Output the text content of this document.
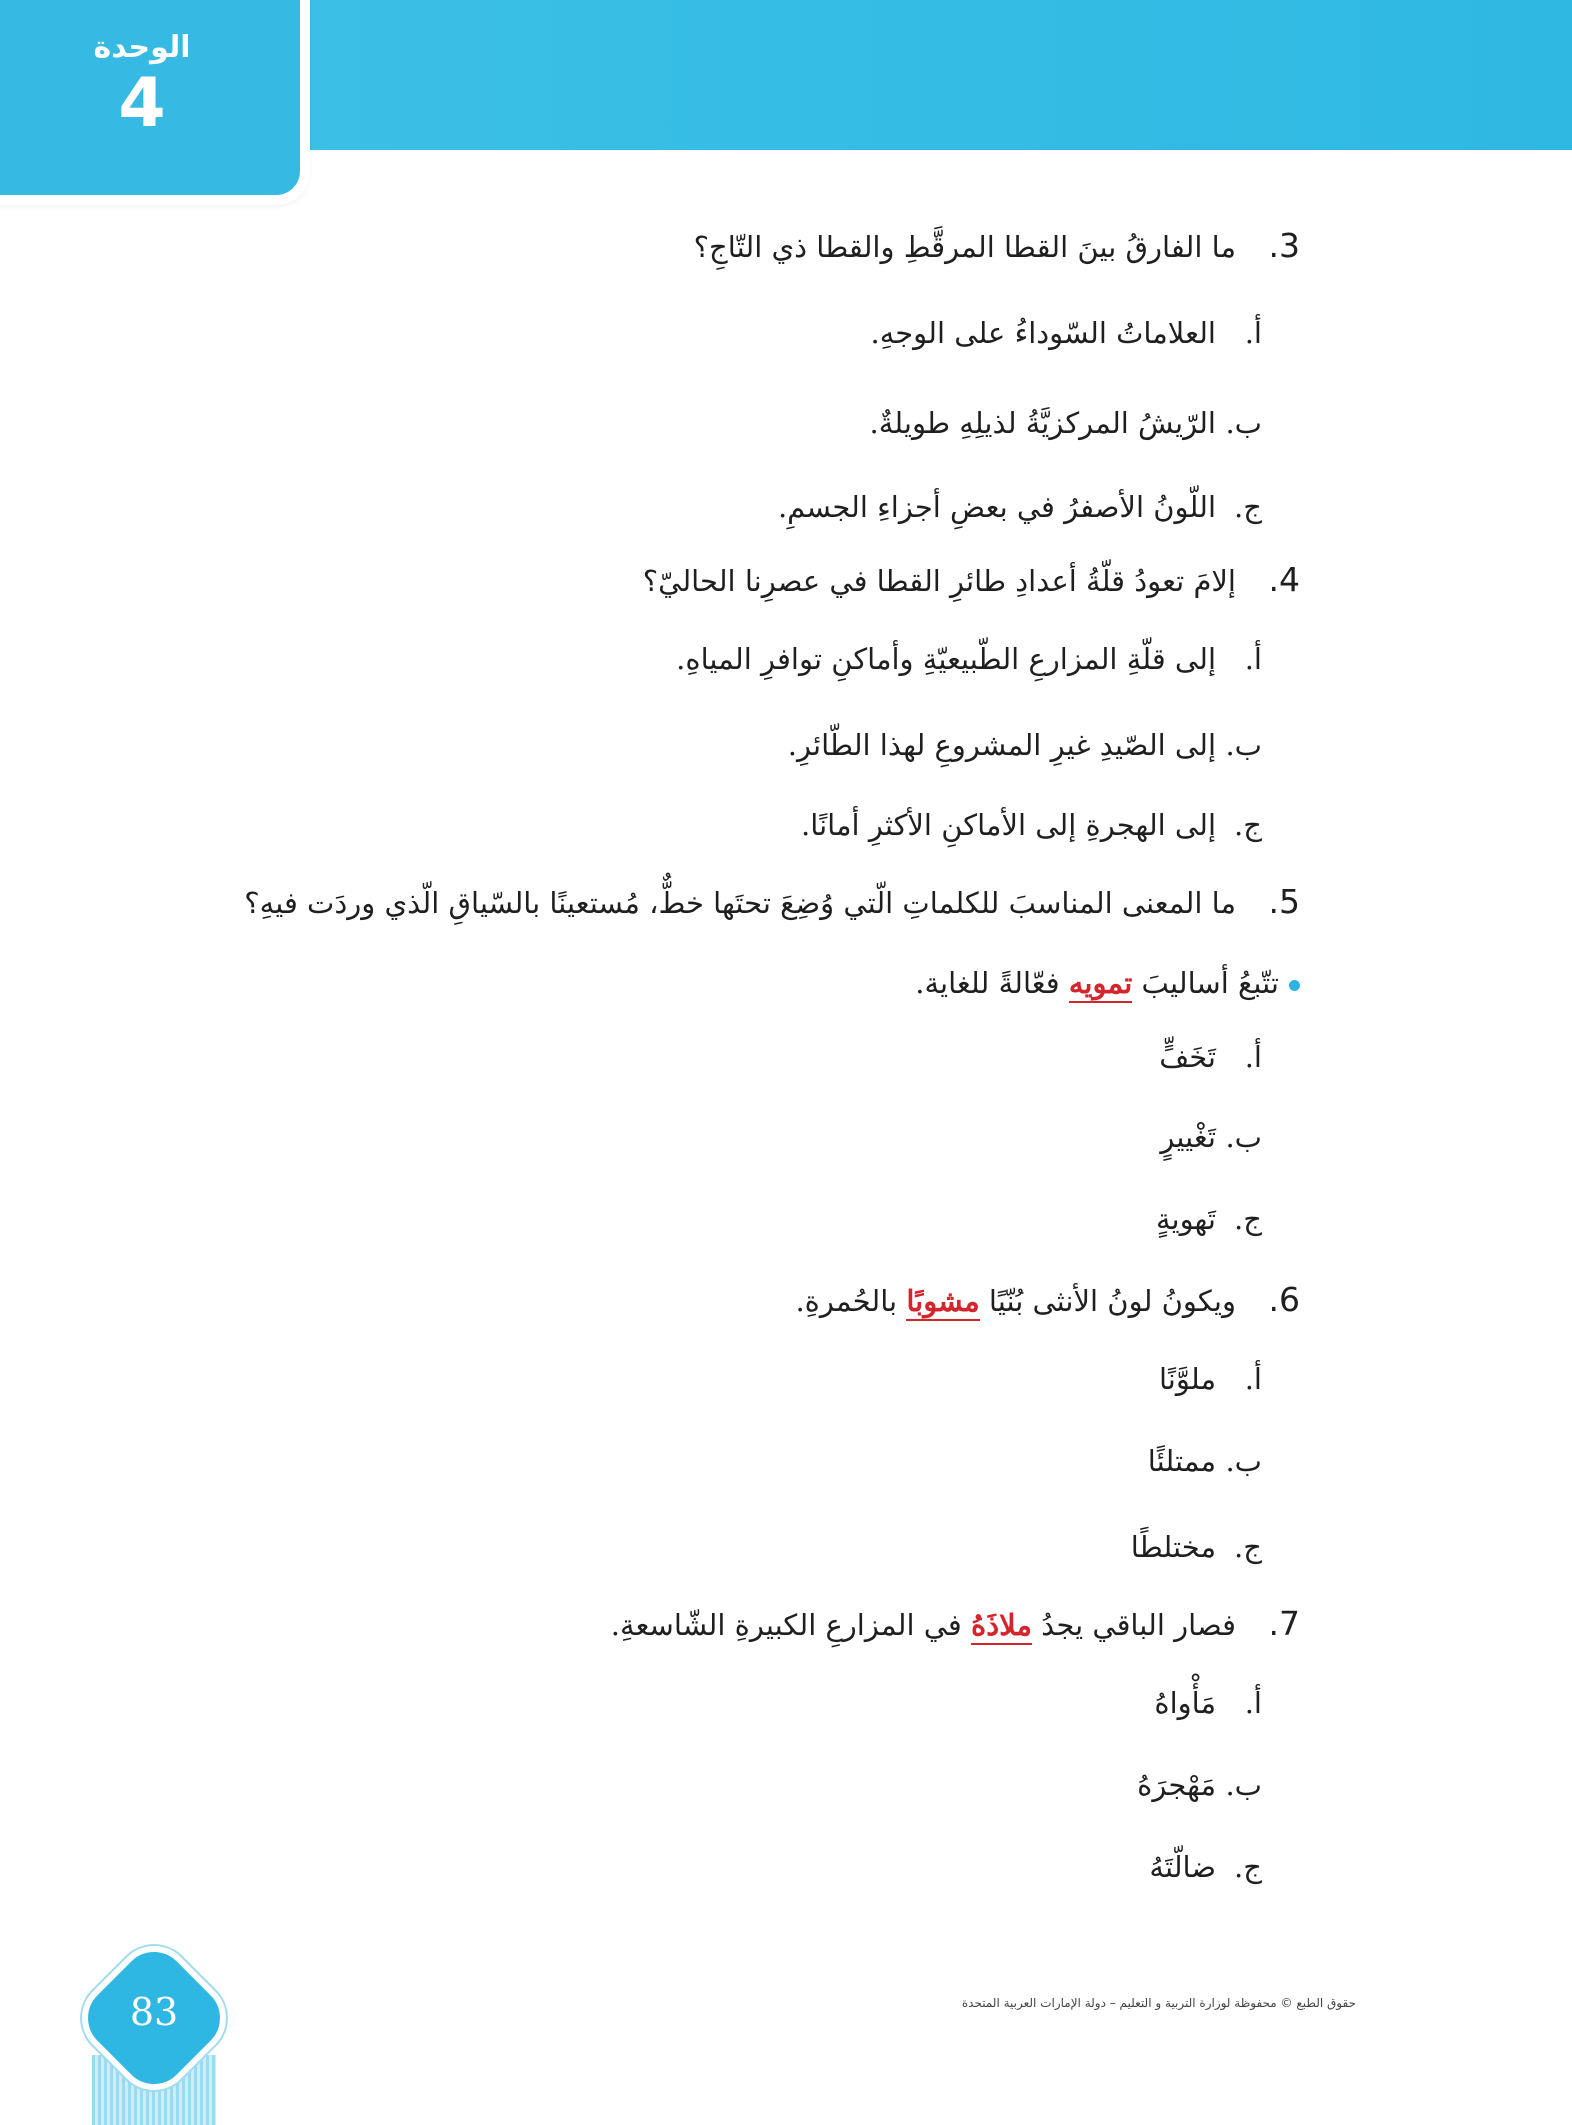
الوحدة
4
3.ما الفارقُ بينَ القطا المرقَّطِ والقطا ذي التّاجِ؟
أ.العلاماتُ السّوداءُ على الوجهِ.
ب.الرّيشُ المركزيَّةُ لذيلِهِ طويلةٌ.
ج.اللّونُ الأصفرُ في بعضِ أجزاءِ الجسمِ.
4.إلامَ تعودُ قلّةُ أعدادِ طائرِ القطا في عصرِنا الحاليّ؟
أ.إلى قلّةِ المزارعِ الطّبيعيّةِ وأماكنِ توافرِ المياهِ.
ب.إلى الصّيدِ غيرِ المشروعِ لهذا الطّائرِ.
ج.إلى الهجرةِ إلى الأماكنِ الأكثرِ أمانًا.
5.ما المعنى المناسبَ للكلماتِ الّتي وُضِعَ تحتَها خطٌّ، مُستعينًا بالسّياقِ الّذي وردَت فيهِ؟
تتّبعُ أساليبَ تمويه فعّالةً للغاية.
أ.تَخَفٍّ
ب.تَغْييرٍ
ج.تَهويةٍ
6.ويكونُ لونُ الأنثى بُنّيًا مشوبًا بالحُمرةِ.
أ.ملوَّنًا
ب.ممتلئًا
ج.مختلطًا
7.فصار الباقي يجدُ ملاذَهُ في المزارعِ الكبيرةِ الشّاسعةِ.
أ.مَأْواهُ
ب.مَهْجرَهُ
ج.ضالّتَهُ
83	حقوق الطبع © محفوظة لوزارة التربية و التعليم – دولة الإمارات العربية المتحدة
